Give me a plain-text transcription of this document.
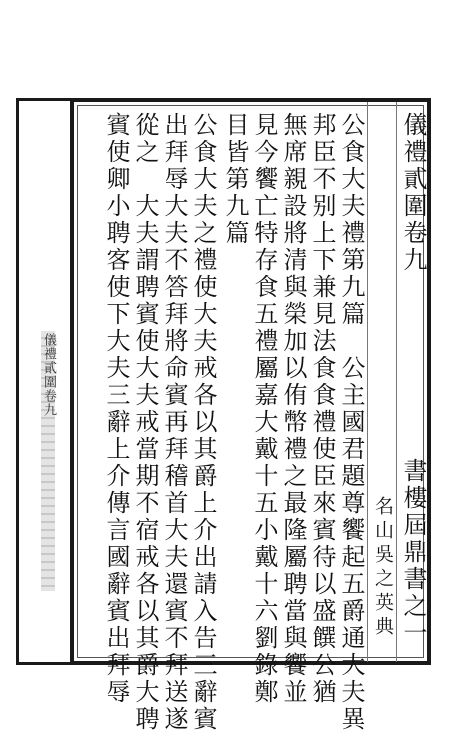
儀禮貳圍卷九
儀禮貳圍卷九
書樓屆鼎書之一
名山吳之英典
公食大夫禮第九篇　公主國君題尊饗起五爵通大夫異
邦臣不别上下兼見法食食禮使臣來賓待以盛饌公猶
無席親設將清與榮加以侑幣禮之最隆屬聘當與饗並
見今饗亡特存食五禮屬嘉大戴十五小戴十六劉錄鄭
目皆第九篇
公食大夫之禮使大夫戒各以其爵上介出請入告三辭賓
出拜辱大夫不答拜將命賓再拜稽首大夫還賓不拜送遂
從之　大夫謂聘賓使大夫戒當期不宿戒各以其爵大聘
賓使卿小聘客使下大夫三辭上介傳言國辭賓出拜辱
